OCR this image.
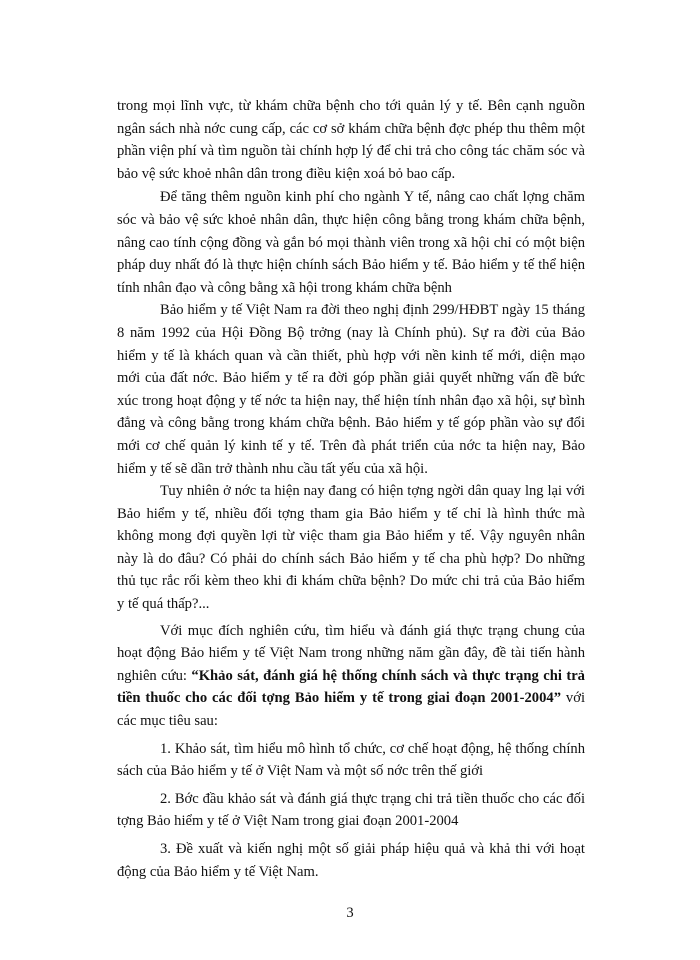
trong mọi lĩnh vực, từ khám chữa bệnh cho tới quản lý y tế. Bên cạnh nguồn ngân sách nhà nớc cung cấp, các cơ sở khám chữa bệnh đợc phép thu thêm một phần viện phí và tìm nguồn tài chính hợp lý để chi trả cho công tác chăm sóc và bảo vệ sức khoẻ nhân dân trong điều kiện xoá bỏ bao cấp.

Để tăng thêm nguồn kinh phí cho ngành Y tế, nâng cao chất lợng chăm sóc và bảo vệ sức khoẻ nhân dân, thực hiện công bằng trong khám chữa bệnh, nâng cao tính cộng đồng và gắn bó mọi thành viên trong xã hội chỉ có một biện pháp duy nhất đó là thực hiện chính sách Bảo hiểm y tế. Bảo hiểm y tế thể hiện tính nhân đạo và công bằng xã hội trong khám chữa bệnh

Bảo hiểm y tế Việt Nam ra đời theo nghị định 299/HĐBT ngày 15 tháng 8 năm 1992 của Hội Đồng Bộ trởng (nay là Chính phủ). Sự ra đời của Bảo hiểm y tế là khách quan và cần thiết, phù hợp với nền kinh tế mới, diện mạo mới của đất nớc. Bảo hiểm y tế ra đời góp phần giải quyết những vấn đề bức xúc trong hoạt động y tế nớc ta hiện nay, thể hiện tính nhân đạo xã hội, sự bình đẳng và công bằng trong khám chữa bệnh. Bảo hiểm y tế góp phần vào sự đổi mới cơ chế quản lý kinh tế y tế. Trên đà phát triển của nớc ta hiện nay, Bảo hiểm y tế sẽ dần trở thành nhu cầu tất yếu của xã hội.

Tuy nhiên ở nớc ta hiện nay đang có hiện tợng ngời dân quay lng lại với Bảo hiểm y tế, nhiều đối tợng tham gia Bảo hiểm y tế chỉ là hình thức mà không mong đợi quyền lợi từ việc tham gia Bảo hiểm y tế. Vậy nguyên nhân này là do đâu? Có phải do chính sách Bảo hiểm y tế cha phù hợp? Do những thủ tục rắc rối kèm theo khi đi khám chữa bệnh? Do mức chi trả của Bảo hiểm y tế quá thấp?...

Với mục đích nghiên cứu, tìm hiểu và đánh giá thực trạng chung của hoạt động Bảo hiểm y tế Việt Nam trong những năm gần đây, đề tài tiến hành nghiên cứu: “Khảo sát, đánh giá hệ thống chính sách và thực trạng chi trả tiền thuốc cho các đối tợng Bảo hiểm y tế trong giai đoạn 2001-2004” với các mục tiêu sau:

1. Khảo sát, tìm hiểu mô hình tổ chức, cơ chế hoạt động, hệ thống chính sách của Bảo hiểm y tế ở Việt Nam và một số nớc trên thế giới

2. Bớc đầu khảo sát và đánh giá thực trạng chi trả tiền thuốc cho các đối tợng Bảo hiểm y tế ở Việt Nam trong giai đoạn 2001-2004

3. Đề xuất và kiến nghị một số giải pháp hiệu quả và khả thi với hoạt động của Bảo hiểm y tế Việt Nam.

3
